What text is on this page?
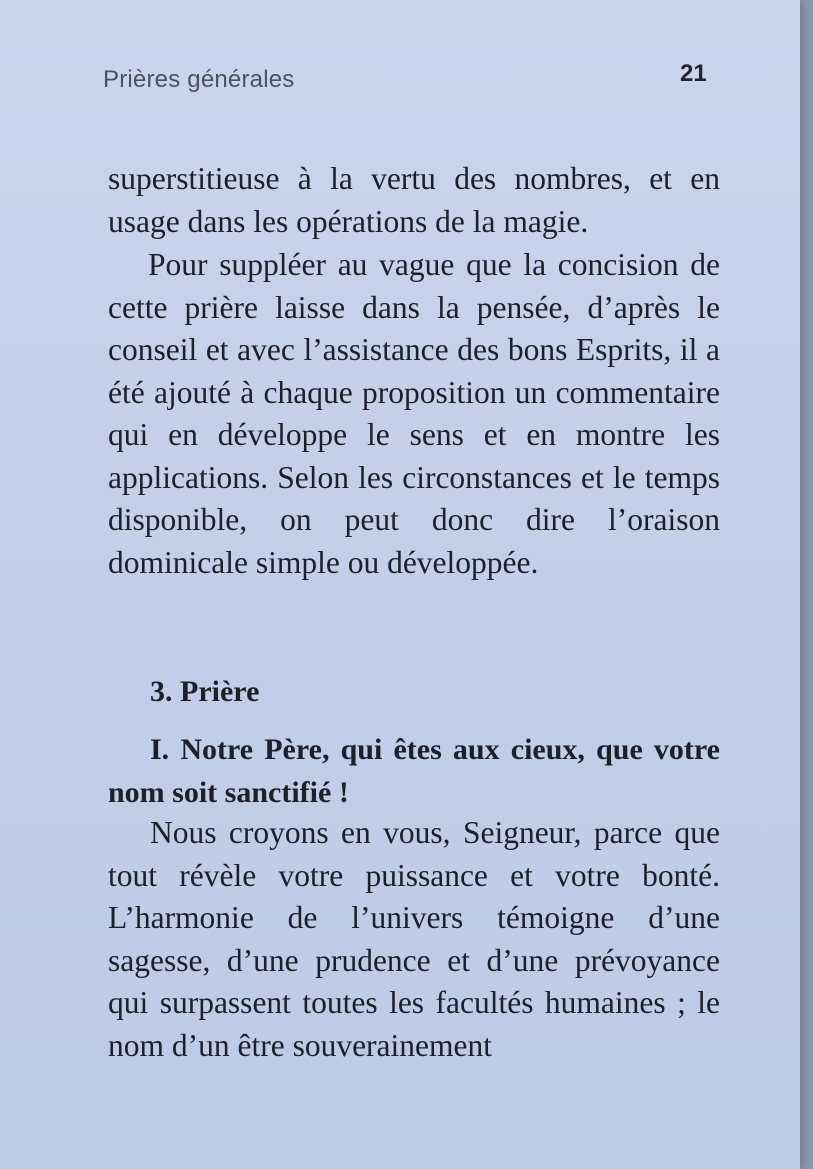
Prières générales	21

superstitieuse à la vertu des nombres, et en usage dans les opérations de la magie.

Pour suppléer au vague que la concision de cette prière laisse dans la pensée, d’après le conseil et avec l’assistance des bons Esprits, il a été ajouté à chaque proposition un commentaire qui en développe le sens et en montre les applications. Selon les circonstances et le temps disponible, on peut donc dire l’oraison dominicale simple ou développée.

3. Prière

I. Notre Père, qui êtes aux cieux, que votre nom soit sanctifié !

Nous croyons en vous, Seigneur, parce que tout révèle votre puissance et votre bonté. L’harmonie de l’univers témoigne d’une sagesse, d’une prudence et d’une prévoyance qui surpassent toutes les facultés humaines ; le nom d’un être souverainement
